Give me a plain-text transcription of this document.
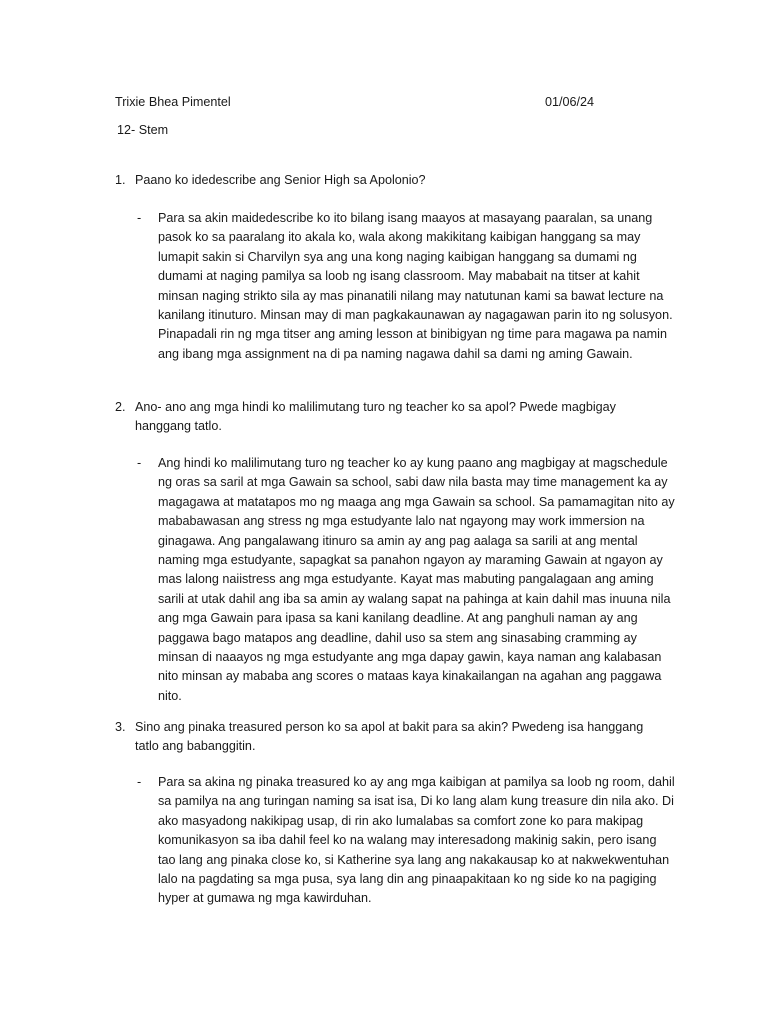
Trixie Bhea Pimentel	01/06/24
12- Stem
1. Paano ko idedescribe ang Senior High sa Apolonio?
- Para sa akin maidedescribe ko ito bilang isang maayos at masayang paaralan, sa unang pasok ko sa paaralang ito akala ko, wala akong makikitang kaibigan hanggang sa may lumapit sakin si Charvilyn sya ang una kong naging kaibigan hanggang sa dumami ng dumami at naging pamilya sa loob ng isang classroom. May mababait na titser at kahit minsan naging strikto sila ay mas pinanatili nilang may natutunan kami sa bawat lecture na kanilang itinuturo. Minsan may di man pagkakaunawan ay nagagawan parin ito ng solusyon. Pinapadali rin ng mga titser ang aming lesson at binibigyan ng time para magawa pa namin ang ibang mga assignment na di pa naming nagawa dahil sa dami ng aming Gawain.
2. Ano- ano ang mga hindi ko malilimutang turo ng teacher ko sa apol? Pwede magbigay hanggang tatlo.
- Ang hindi ko malilimutang turo ng teacher ko ay kung paano ang magbigay at magschedule ng oras sa saril at mga Gawain sa school, sabi daw nila basta may time management ka ay magagawa at matatapos mo ng maaga ang mga Gawain sa school. Sa pamamagitan nito ay mababawasan ang stress ng mga estudyante lalo nat ngayong may work immersion na ginagawa. Ang pangalawang itinuro sa amin ay ang pag aalaga sa sarili at ang mental naming mga estudyante, sapagkat sa panahon ngayon ay maraming Gawain at ngayon ay mas lalong naiistress ang mga estudyante. Kayat mas mabuting pangalagaan ang aming sarili at utak dahil ang iba sa amin ay walang sapat na pahinga at kain dahil mas inuuna nila ang mga Gawain para ipasa sa kani kanilang deadline. At ang panghuli naman ay ang paggawa bago matapos ang deadline, dahil uso sa stem ang sinasabing cramming ay minsan di naaayos ng mga estudyante ang mga dapay gawin, kaya naman ang kalabasan nito minsan ay mababa ang scores o mataas kaya kinakailangan na agahan ang paggawa nito.
3. Sino ang pinaka treasured person ko sa apol at bakit para sa akin? Pwedeng isa hanggang tatlo ang babanggitin.
- Para sa akina ng pinaka treasured ko ay ang mga kaibigan at pamilya sa loob ng room, dahil sa pamilya na ang turingan naming sa isat isa, Di ko lang alam kung treasure din nila ako. Di ako masyadong nakikipag usap, di rin ako lumalabas sa comfort zone ko para makipag komunikasyon sa iba dahil feel ko na walang may interesadong makinig sakin, pero isang tao lang ang pinaka close ko, si Katherine sya lang ang nakakausap ko at nakwekwentuhan lalo na pagdating sa mga pusa, sya lang din ang pinaapakitaan ko ng side ko na pagiging hyper at gumawa ng mga kawirduhan.
